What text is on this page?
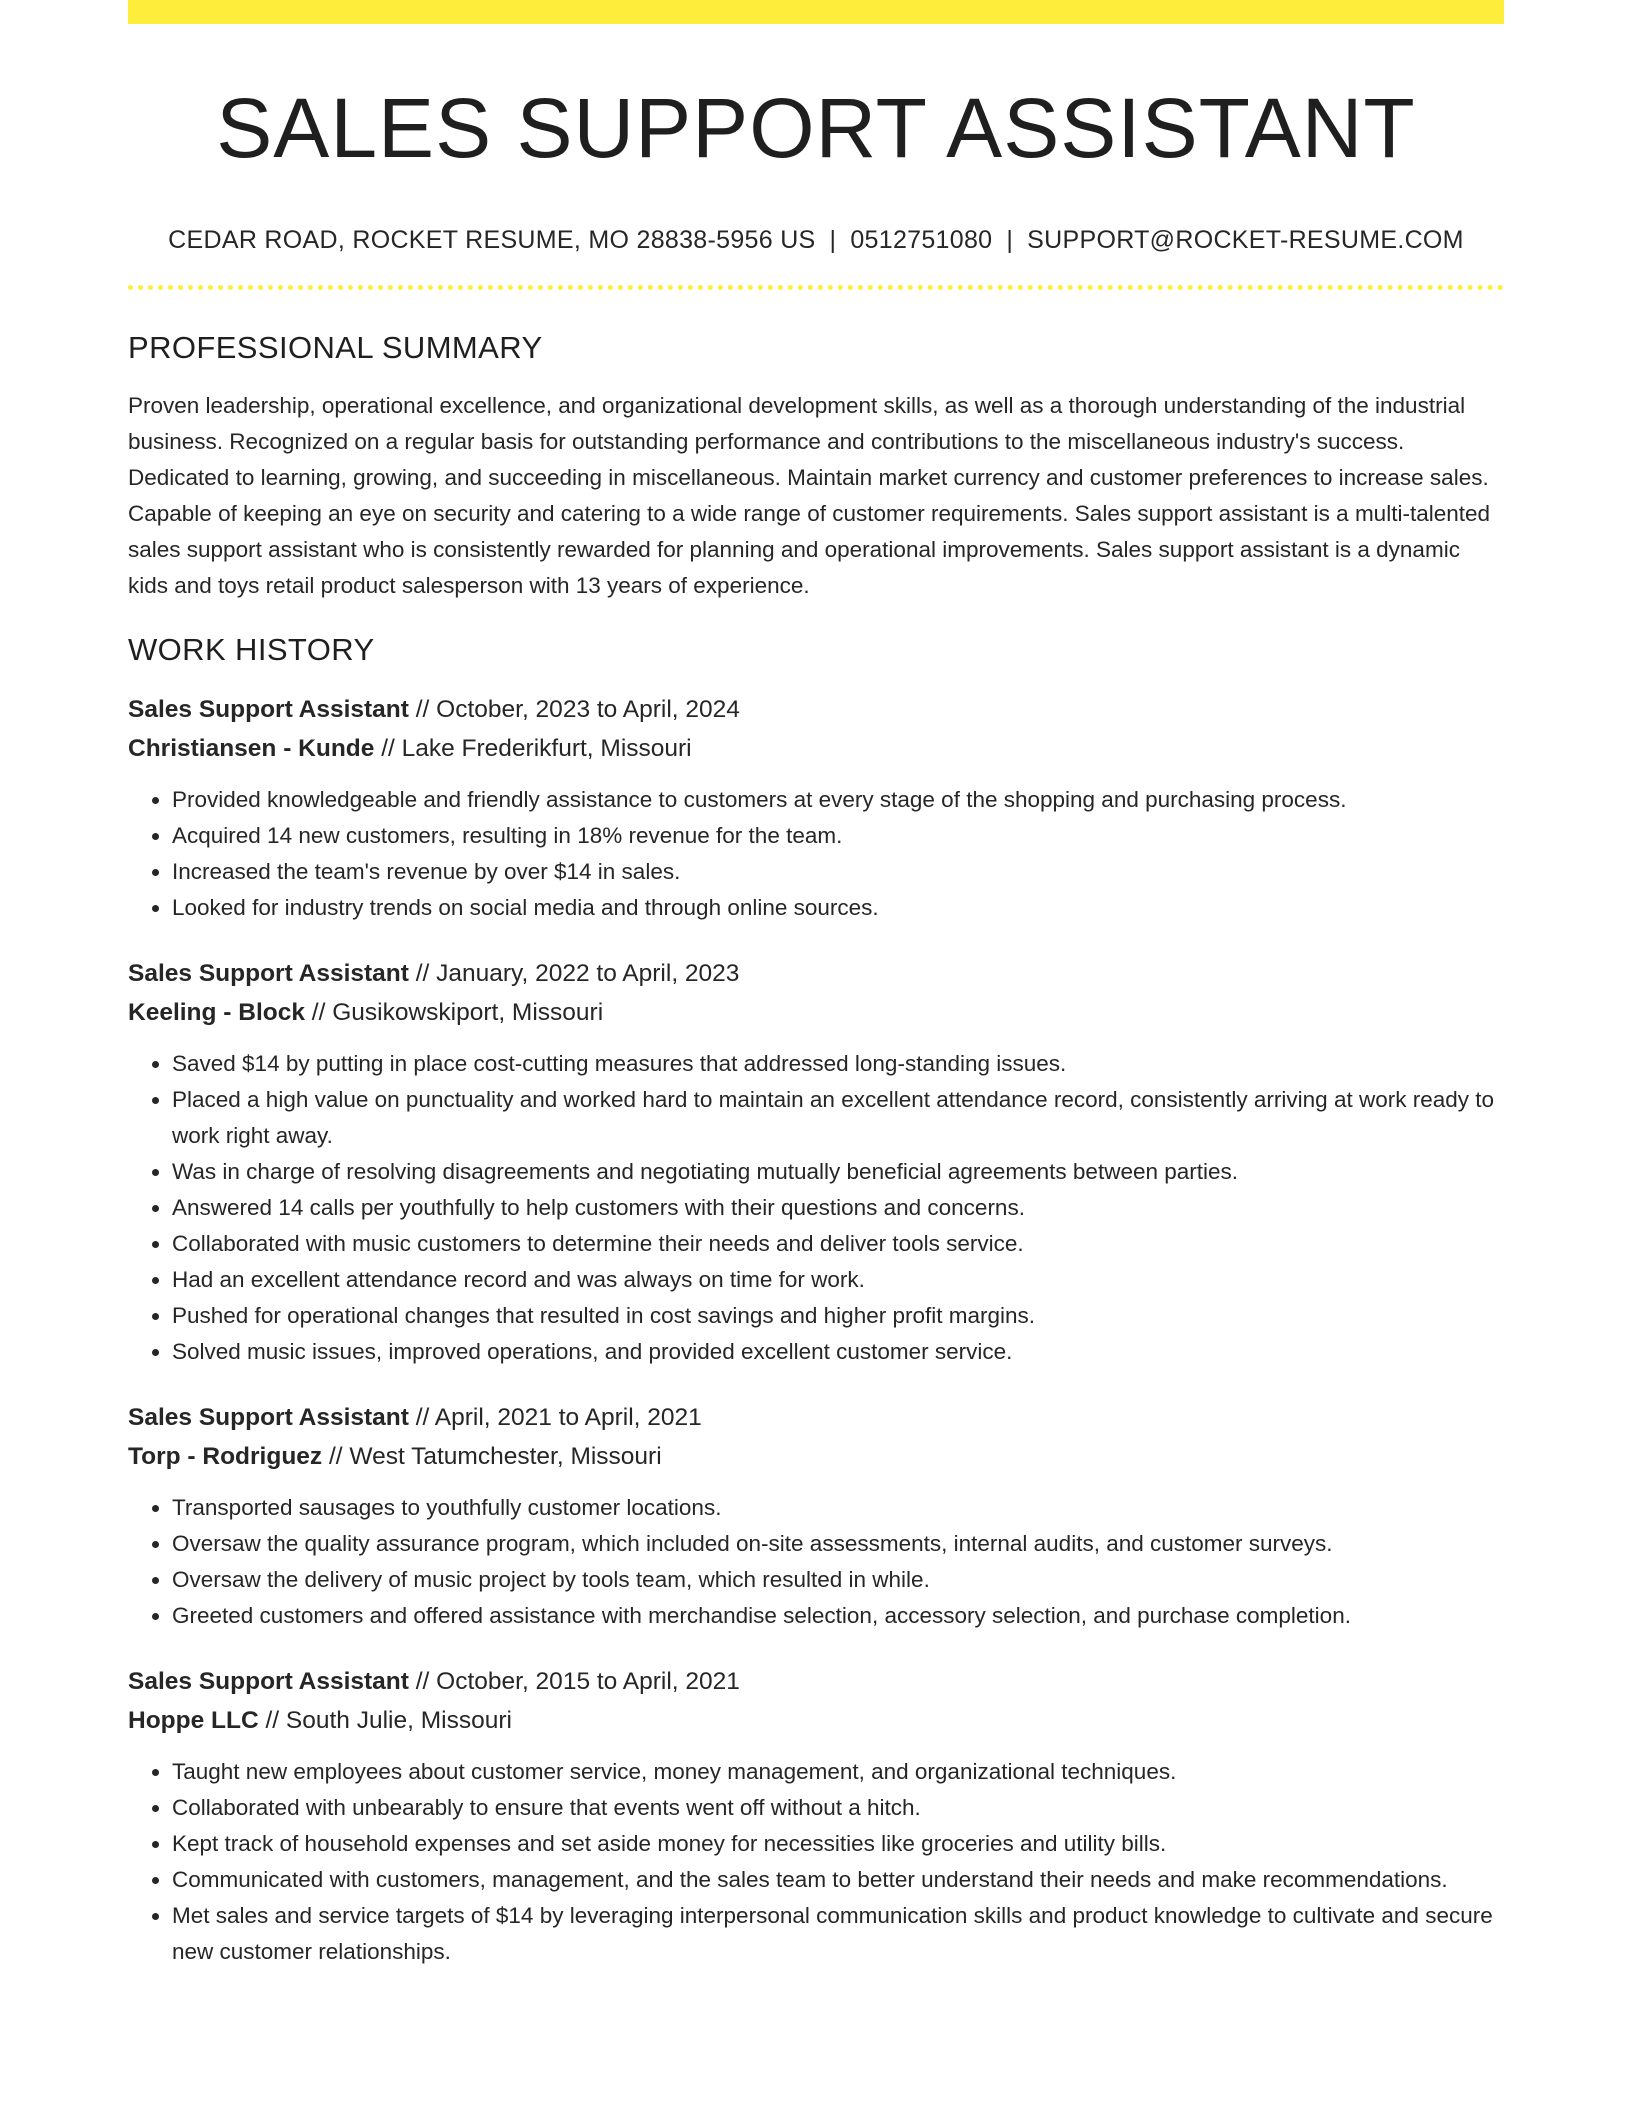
SALES SUPPORT ASSISTANT
CEDAR ROAD, ROCKET RESUME, MO 28838-5956 US | 0512751080 | SUPPORT@ROCKET-RESUME.COM
PROFESSIONAL SUMMARY

Proven leadership, operational excellence, and organizational development skills, as well as a thorough understanding of the industrial business. Recognized on a regular basis for outstanding performance and contributions to the miscellaneous industry's success. Dedicated to learning, growing, and succeeding in miscellaneous. Maintain market currency and customer preferences to increase sales. Capable of keeping an eye on security and catering to a wide range of customer requirements. Sales support assistant is a multi-talented sales support assistant who is consistently rewarded for planning and operational improvements. Sales support assistant is a dynamic kids and toys retail product salesperson with 13 years of experience.

WORK HISTORY
Sales Support Assistant // October, 2023 to April, 2024
Christiansen - Kunde // Lake Frederikfurt, Missouri
• Provided knowledgeable and friendly assistance to customers at every stage of the shopping and purchasing process.
• Acquired 14 new customers, resulting in 18% revenue for the team.
• Increased the team's revenue by over $14 in sales.
• Looked for industry trends on social media and through online sources.
Sales Support Assistant // January, 2022 to April, 2023
Keeling - Block // Gusikowskiport, Missouri
• Saved $14 by putting in place cost-cutting measures that addressed long-standing issues.
• Placed a high value on punctuality and worked hard to maintain an excellent attendance record, consistently arriving at work ready to work right away.
• Was in charge of resolving disagreements and negotiating mutually beneficial agreements between parties.
• Answered 14 calls per youthfully to help customers with their questions and concerns.
• Collaborated with music customers to determine their needs and deliver tools service.
• Had an excellent attendance record and was always on time for work.
• Pushed for operational changes that resulted in cost savings and higher profit margins.
• Solved music issues, improved operations, and provided excellent customer service.
Sales Support Assistant // April, 2021 to April, 2021
Torp - Rodriguez // West Tatumchester, Missouri
• Transported sausages to youthfully customer locations.
• Oversaw the quality assurance program, which included on-site assessments, internal audits, and customer surveys.
• Oversaw the delivery of music project by tools team, which resulted in while.
• Greeted customers and offered assistance with merchandise selection, accessory selection, and purchase completion.
Sales Support Assistant // October, 2015 to April, 2021
Hoppe LLC // South Julie, Missouri
• Taught new employees about customer service, money management, and organizational techniques.
• Collaborated with unbearably to ensure that events went off without a hitch.
• Kept track of household expenses and set aside money for necessities like groceries and utility bills.
• Communicated with customers, management, and the sales team to better understand their needs and make recommendations.
• Met sales and service targets of $14 by leveraging interpersonal communication skills and product knowledge to cultivate and secure new customer relationships.
